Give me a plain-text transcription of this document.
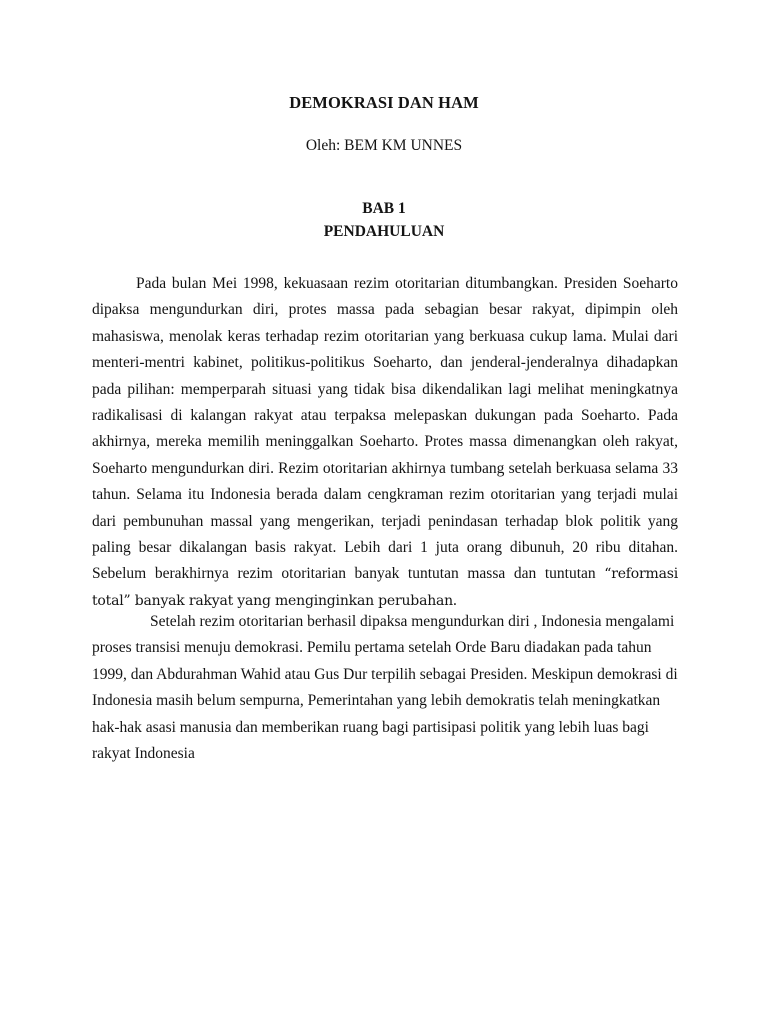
DEMOKRASI DAN HAM
Oleh: BEM KM UNNES
BAB 1
PENDAHULUAN

Pada bulan Mei 1998, kekuasaan rezim otoritarian ditumbangkan. Presiden Soeharto dipaksa mengundurkan diri, protes massa pada sebagian besar rakyat, dipimpin oleh mahasiswa, menolak keras terhadap rezim otoritarian yang berkuasa cukup lama. Mulai dari menteri-mentri kabinet, politikus-politikus Soeharto, dan jenderal-jenderalnya dihadapkan pada pilihan: memperparah situasi yang tidak bisa dikendalikan lagi melihat meningkatnya radikalisasi di kalangan rakyat atau terpaksa melepaskan dukungan pada Soeharto. Pada akhirnya, mereka memilih meninggalkan Soeharto. Protes massa dimenangkan oleh rakyat, Soeharto mengundurkan diri. Rezim otoritarian akhirnya tumbang setelah berkuasa selama 33 tahun. Selama itu Indonesia berada dalam cengkraman rezim otoritarian yang terjadi mulai dari pembunuhan massal yang mengerikan, terjadi penindasan terhadap blok politik yang paling besar dikalangan basis rakyat. Lebih dari 1 juta orang dibunuh, 20 ribu ditahan. Sebelum berakhirnya rezim otoritarian banyak tuntutan massa dan tuntutan “reformasi total” banyak rakyat yang menginginkan perubahan.

Setelah rezim otoritarian berhasil dipaksa mengundurkan diri , Indonesia mengalami proses transisi menuju demokrasi. Pemilu pertama setelah Orde Baru diadakan pada tahun 1999, dan Abdurahman Wahid atau Gus Dur terpilih sebagai Presiden. Meskipun demokrasi di Indonesia masih belum sempurna, Pemerintahan yang lebih demokratis telah meningkatkan hak-hak asasi manusia dan memberikan ruang bagi partisipasi politik yang lebih luas bagi rakyat Indonesia
